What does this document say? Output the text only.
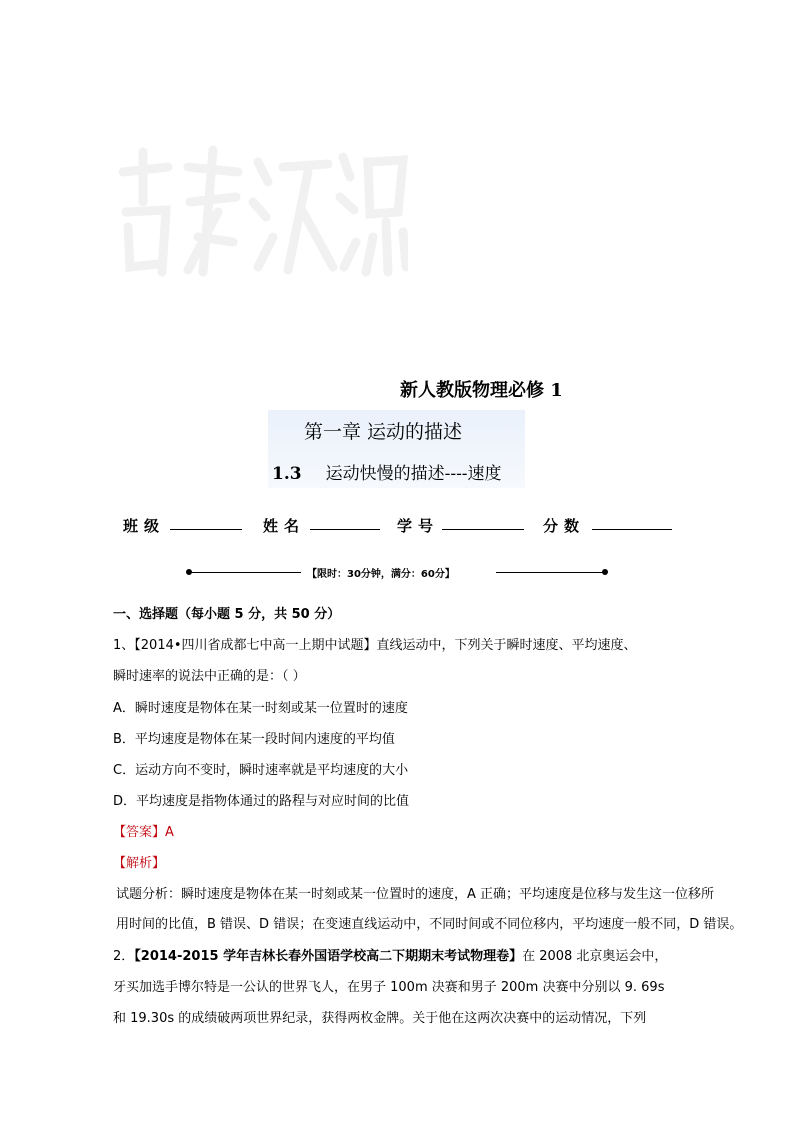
新人教版物理必修 1
第一章 运动的描述
1.3 运动快慢的描述----速度
班级	姓名	学号	分数
【限时：30分钟，满分：60分】
一、选择题（每小题 5 分，共 50 分）
1、【2014•四川省成都七中高一上期中试题】直线运动中，下列关于瞬时速度、平均速度、
瞬时速率的说法中正确的是：（ ）
A．瞬时速度是物体在某一时刻或某一位置时的速度
B．平均速度是物体在某一段时间内速度的平均值
C．运动方向不变时，瞬时速率就是平均速度的大小
D．平均速度是指物体通过的路程与对应时间的比值
【答案】A
【解析】
试题分析：瞬时速度是物体在某一时刻或某一位置时的速度，A 正确；平均速度是位移与发生这一位移所
用时间的比值，B 错误、D 错误；在变速直线运动中，不同时间或不同位移内，平均速度一般不同，D 错误。
2．【2014-2015 学年吉林长春外国语学校高二下期期末考试物理卷】在 2008 北京奥运会中，
牙买加选手博尔特是一公认的世界飞人，在男子 100m 决赛和男子 200m 决赛中分别以 9. 69s
和 19.30s 的成绩破两项世界纪录，获得两枚金牌。关于他在这两次决赛中的运动情况，下列
